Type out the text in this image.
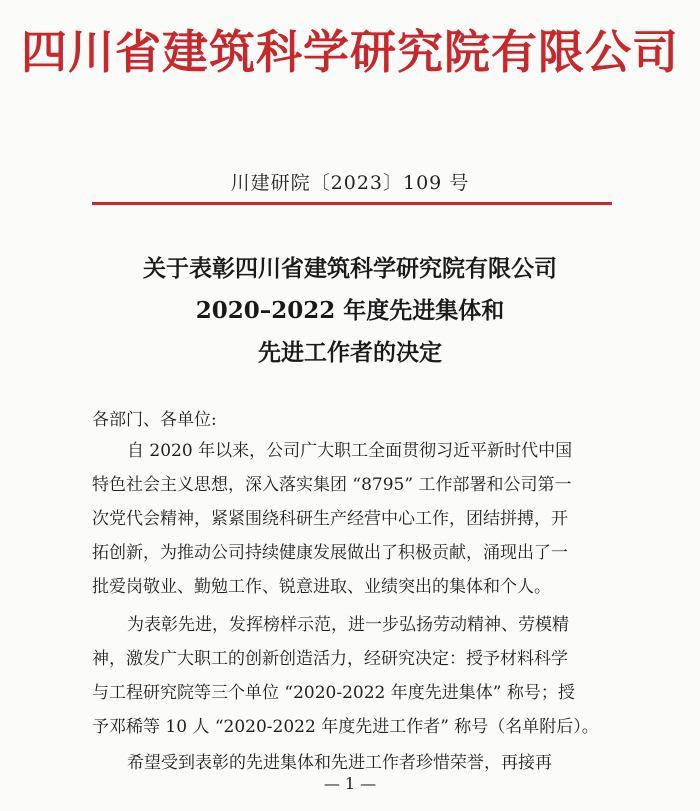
四川省建筑科学研究院有限公司
川建研院〔2023〕109 号
关于表彰四川省建筑科学研究院有限公司
2020–2022 年度先进集体和
先进工作者的决定
各部门、各单位:
自 2020 年以来，公司广大职工全面贯彻习近平新时代中国
特色社会主义思想，深入落实集团 “8795” 工作部署和公司第一
次党代会精神，紧紧围绕科研生产经营中心工作，团结拼搏，开
拓创新，为推动公司持续健康发展做出了积极贡献，涌现出了一
批爱岗敬业、勤勉工作、锐意进取、业绩突出的集体和个人。
为表彰先进，发挥榜样示范，进一步弘扬劳动精神、劳模精
神，激发广大职工的创新创造活力，经研究决定：授予材料科学
与工程研究院等三个单位 “2020-2022 年度先进集体” 称号；授
予邓稀等 10 人 “2020-2022 年度先进工作者” 称号（名单附后）。
希望受到表彰的先进集体和先进工作者珍惜荣誉，再接再
— 1 —
